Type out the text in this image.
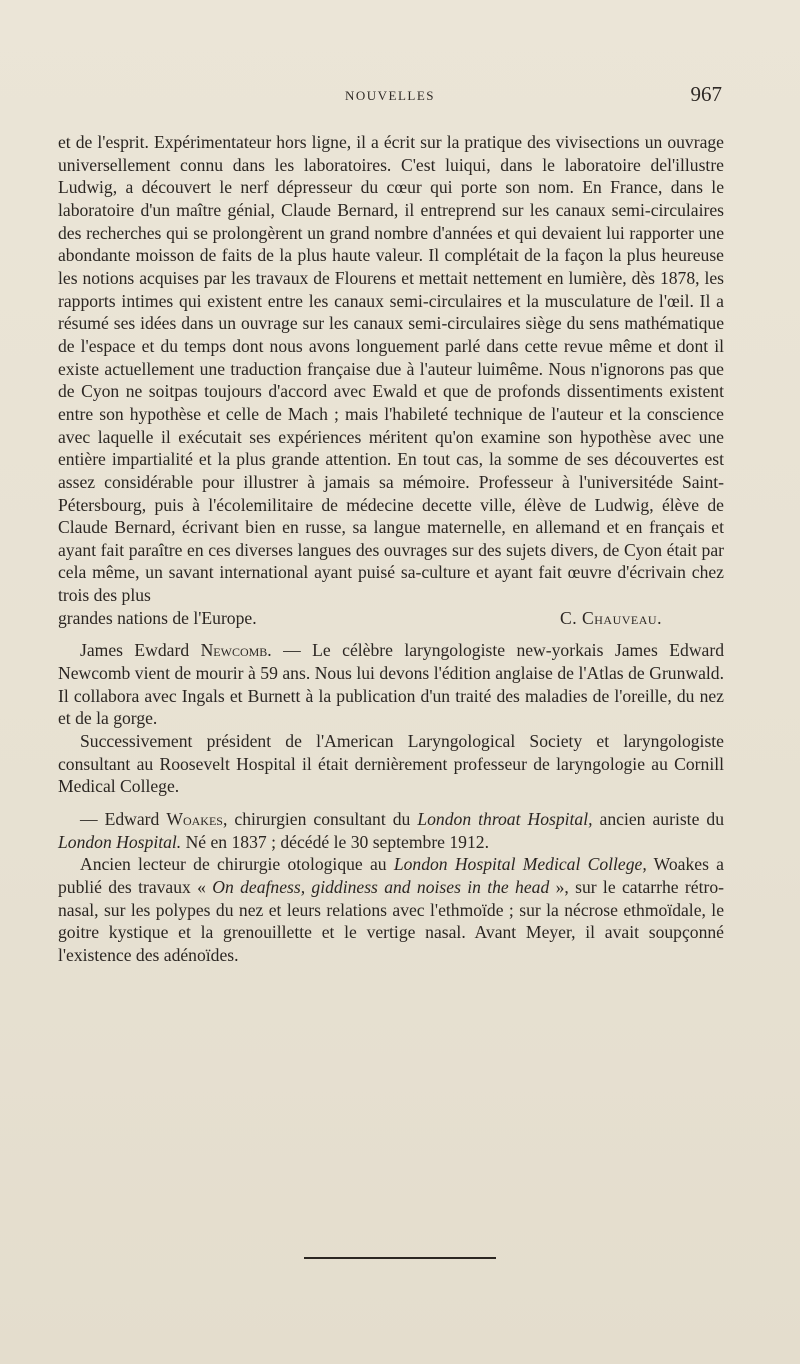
NOUVELLES	967

et de l'esprit. Expérimentateur hors ligne, il a écrit sur la pratique des vivisections un ouvrage universellement connu dans les laboratoires. C'est luiqui, dans le laboratoire del'illustre Ludwig, a découvert le nerf dépresseur du cœur qui porte son nom. En France, dans le laboratoire d'un maître génial, Claude Bernard, il entreprend sur les canaux semi-circulaires des recherches qui se prolongèrent un grand nombre d'années et qui devaient lui rapporter une abondante moisson de faits de la plus haute valeur. Il complétait de la façon la plus heureuse les notions acquises par les travaux de Flourens et mettait nettement en lumière, dès 1878, les rapports intimes qui existent entre les canaux semi-circulaires et la musculature de l'œil. Il a résumé ses idées dans un ouvrage sur les canaux semi-circulaires siège du sens mathématique de l'espace et du temps dont nous avons longuement parlé dans cette revue même et dont il existe actuellement une traduction française due à l'auteur luimême. Nous n'ignorons pas que de Cyon ne soitpas toujours d'accord avec Ewald et que de profonds dissentiments existent entre son hypothèse et celle de Mach ; mais l'habileté technique de l'auteur et la conscience avec laquelle il exécutait ses expériences méritent qu'on examine son hypothèse avec une entière impartialité et la plus grande attention. En tout cas, la somme de ses découvertes est assez considérable pour illustrer à jamais sa mémoire. Professeur à l'universitéde Saint-Pétersbourg, puis à l'écolemilitaire de médecine decette ville, élève de Ludwig, élève de Claude Bernard, écrivant bien en russe, sa langue maternelle, en allemand et en français et ayant fait paraître en ces diverses langues des ouvrages sur des sujets divers, de Cyon était par cela même, un savant international ayant puisé sa-culture et ayant fait œuvre d'écrivain chez trois des plus

grandes nations de l'Europe.	C. Chauveau.

James Ewdard Newcomb. — Le célèbre laryngologiste new-yorkais James Edward Newcomb vient de mourir à 59 ans. Nous lui devons l'édition anglaise de l'Atlas de Grunwald. Il collabora avec Ingals et Burnett à la publication d'un traité des maladies de l'oreille, du nez et de la gorge.

Successivement président de l'American Laryngological Society et laryngologiste consultant au Roosevelt Hospital il était dernièrement professeur de laryngologie au Cornill Medical College.

— Edward Woakes, chirurgien consultant du London throat Hospital, ancien auriste du London Hospital. Né en 1837 ; décédé le 30 septembre 1912.

Ancien lecteur de chirurgie otologique au London Hospital Medical College, Woakes a publié des travaux « On deafness, giddiness and noises in the head », sur le catarrhe rétro-nasal, sur les polypes du nez et leurs relations avec l'ethmoïde ; sur la nécrose ethmoïdale, le goitre kystique et la grenouillette et le vertige nasal. Avant Meyer, il avait soupçonné l'existence des adénoïdes.
